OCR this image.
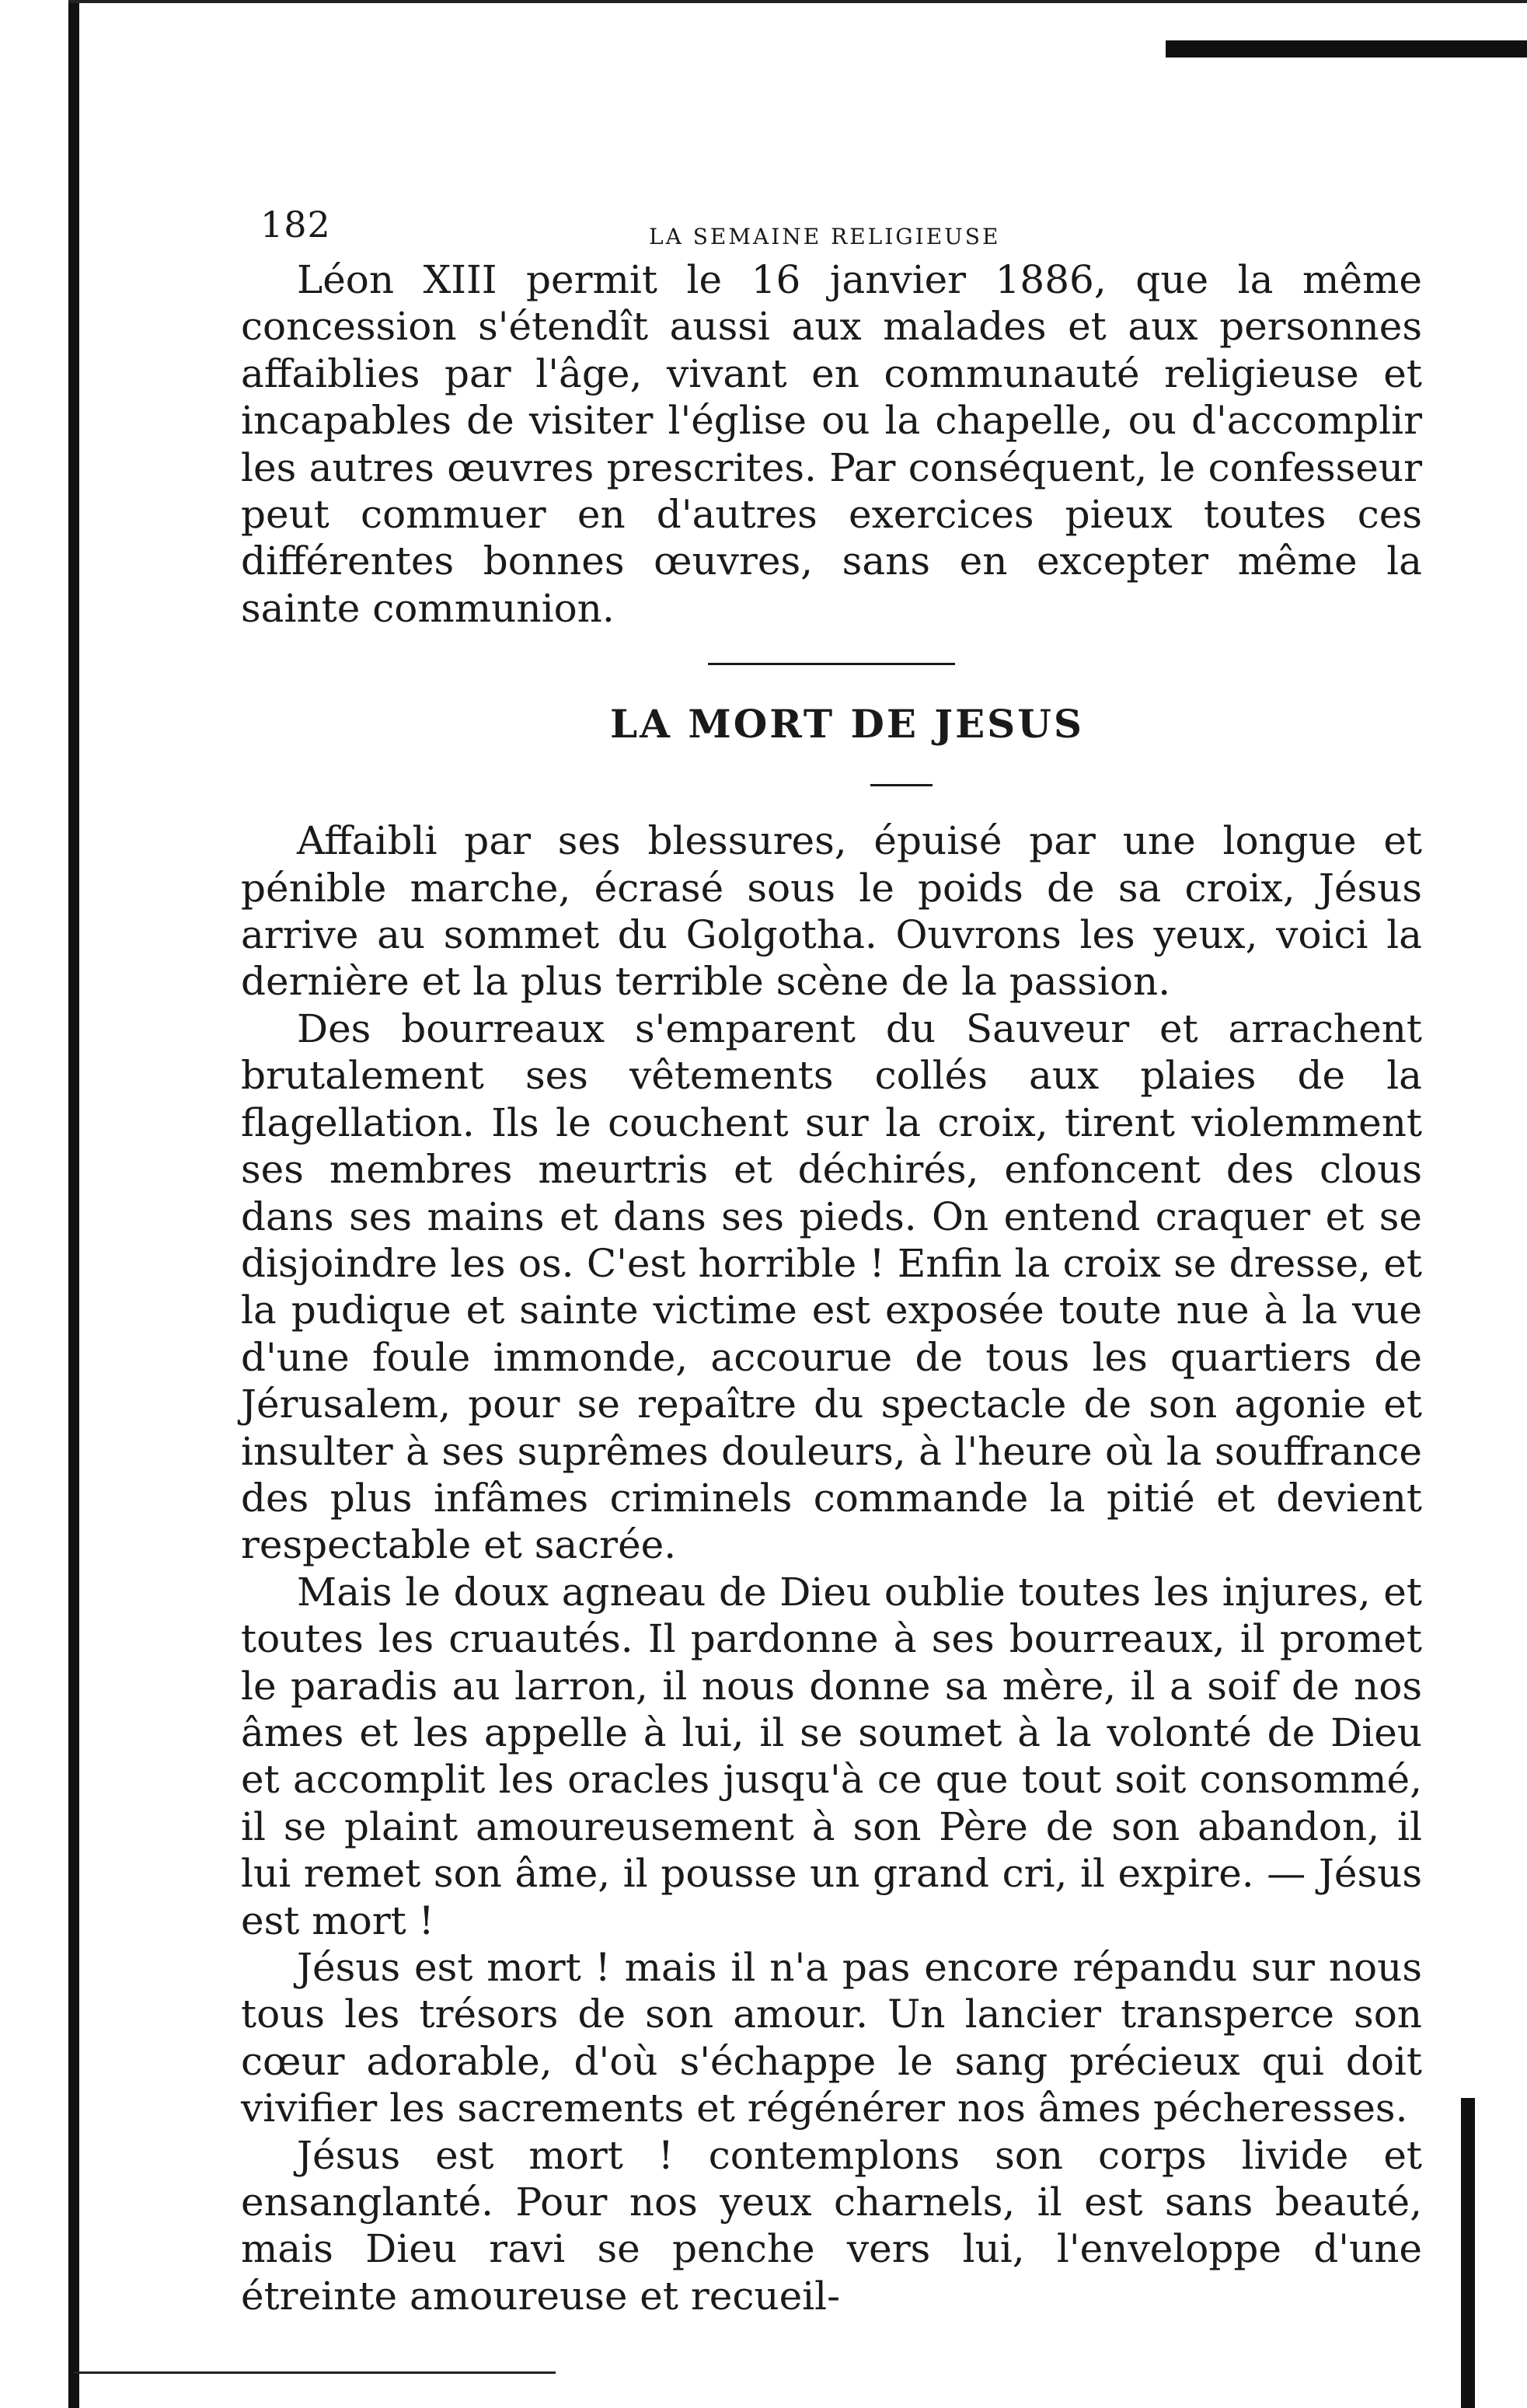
182	LA SEMAINE RELIGIEUSE

Léon XIII permit le 16 janvier 1886, que la même concession s'étendît aussi aux malades et aux personnes affaiblies par l'âge, vivant en communauté religieuse et incapables de visiter l'église ou la chapelle, ou d'accomplir les autres œuvres prescrites. Par conséquent, le confesseur peut commuer en d'autres exercices pieux toutes ces différentes bonnes œuvres, sans en excepter même la sainte communion.

LA MORT DE JESUS

Affaibli par ses blessures, épuisé par une longue et pénible marche, écrasé sous le poids de sa croix, Jésus arrive au sommet du Golgotha. Ouvrons les yeux, voici la dernière et la plus terrible scène de la passion.

Des bourreaux s'emparent du Sauveur et arrachent brutalement ses vêtements collés aux plaies de la flagellation. Ils le couchent sur la croix, tirent violemment ses membres meurtris et déchirés, enfoncent des clous dans ses mains et dans ses pieds. On entend craquer et se disjoindre les os. C'est horrible ! Enfin la croix se dresse, et la pudique et sainte victime est exposée toute nue à la vue d'une foule immonde, accourue de tous les quartiers de Jérusalem, pour se repaître du spectacle de son agonie et insulter à ses suprêmes douleurs, à l'heure où la souffrance des plus infâmes criminels commande la pitié et devient respectable et sacrée.

Mais le doux agneau de Dieu oublie toutes les injures, et toutes les cruautés. Il pardonne à ses bourreaux, il promet le paradis au larron, il nous donne sa mère, il a soif de nos âmes et les appelle à lui, il se soumet à la volonté de Dieu et accomplit les oracles jusqu'à ce que tout soit consommé, il se plaint amoureusement à son Père de son abandon, il lui remet son âme, il pousse un grand cri, il expire. — Jésus est mort !

Jésus est mort ! mais il n'a pas encore répandu sur nous tous les trésors de son amour. Un lancier transperce son cœur adorable, d'où s'échappe le sang précieux qui doit vivifier les sacrements et régénérer nos âmes pécheresses.

Jésus est mort ! contemplons son corps livide et ensanglanté. Pour nos yeux charnels, il est sans beauté, mais Dieu ravi se penche vers lui, l'enveloppe d'une étreinte amoureuse et recueil-
